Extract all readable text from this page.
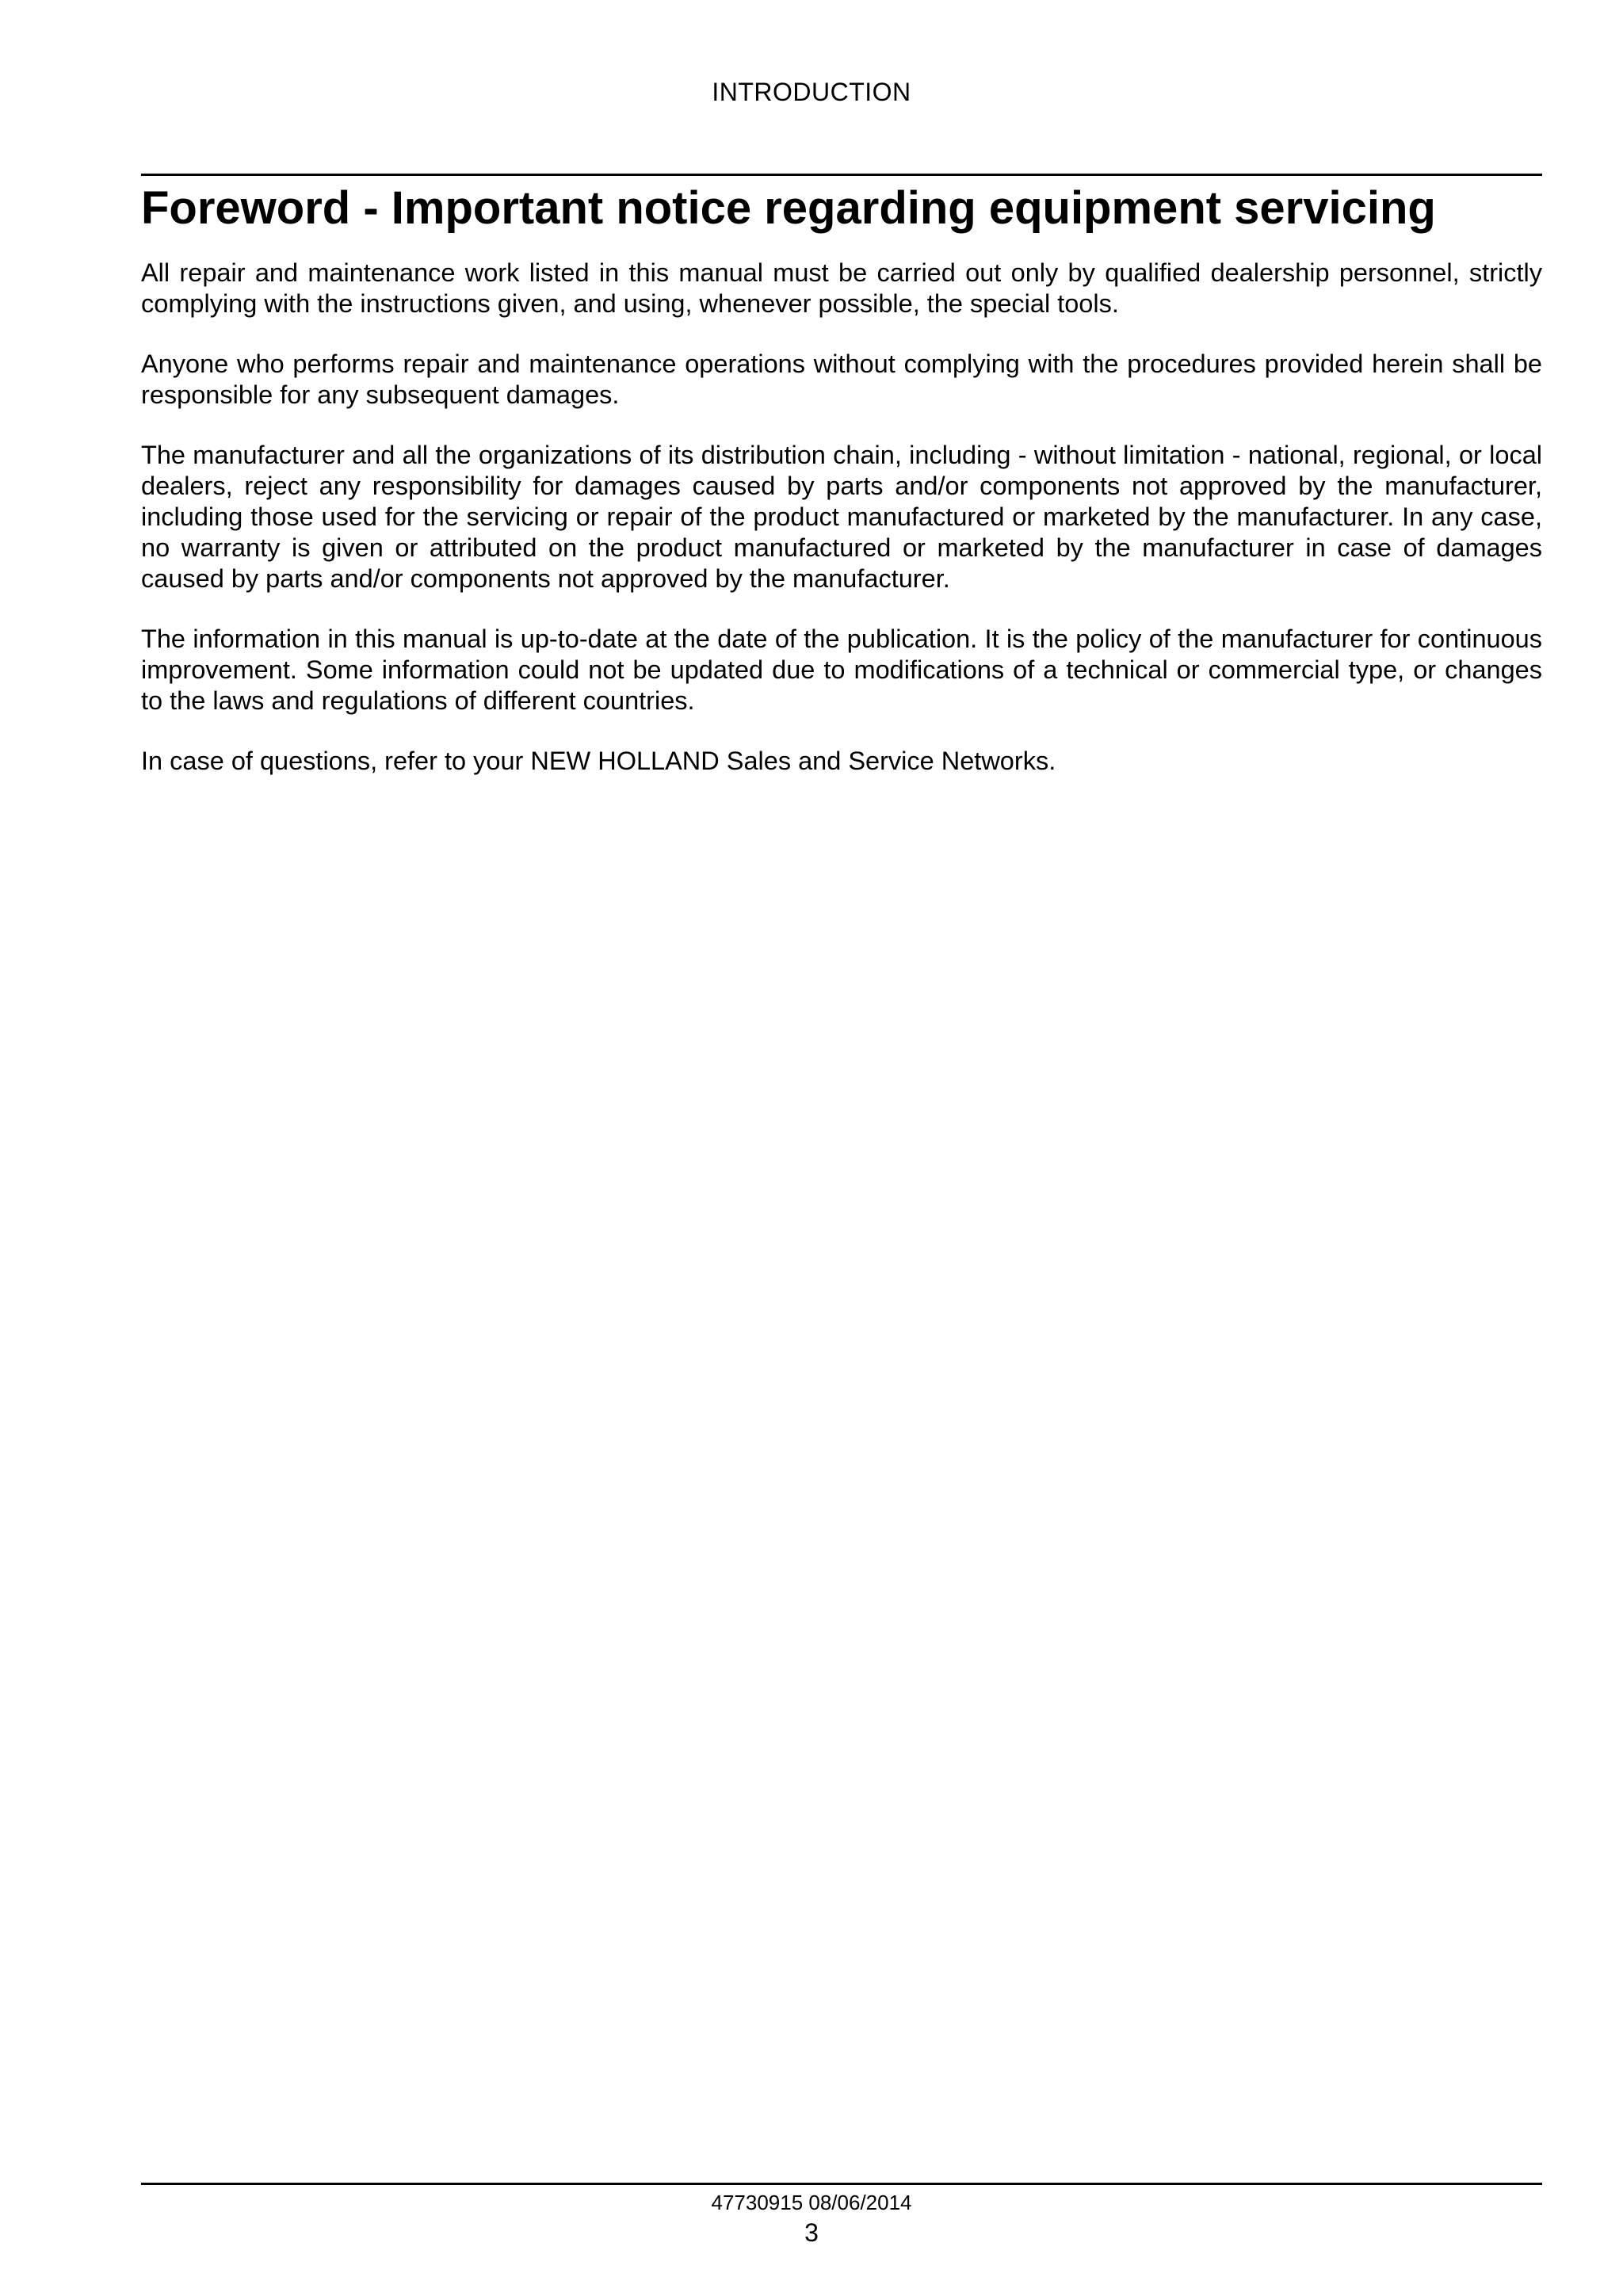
INTRODUCTION
Foreword - Important notice regarding equipment servicing

All repair and maintenance work listed in this manual must be carried out only by qualified dealership personnel, strictly complying with the instructions given, and using, whenever possible, the special tools.

Anyone who performs repair and maintenance operations without complying with the procedures provided herein shall be responsible for any subsequent damages.

The manufacturer and all the organizations of its distribution chain, including - without limitation - national, regional, or local dealers, reject any responsibility for damages caused by parts and/or components not approved by the manufacturer, including those used for the servicing or repair of the product manufactured or marketed by the manufacturer. In any case, no warranty is given or attributed on the product manufactured or marketed by the manufacturer in case of damages caused by parts and/or components not approved by the manufacturer.

The information in this manual is up-to-date at the date of the publication. It is the policy of the manufacturer for continuous improvement. Some information could not be updated due to modifications of a technical or commercial type, or changes to the laws and regulations of different countries.

In case of questions, refer to your NEW HOLLAND Sales and Service Networks.

47730915 08/06/2014
3
